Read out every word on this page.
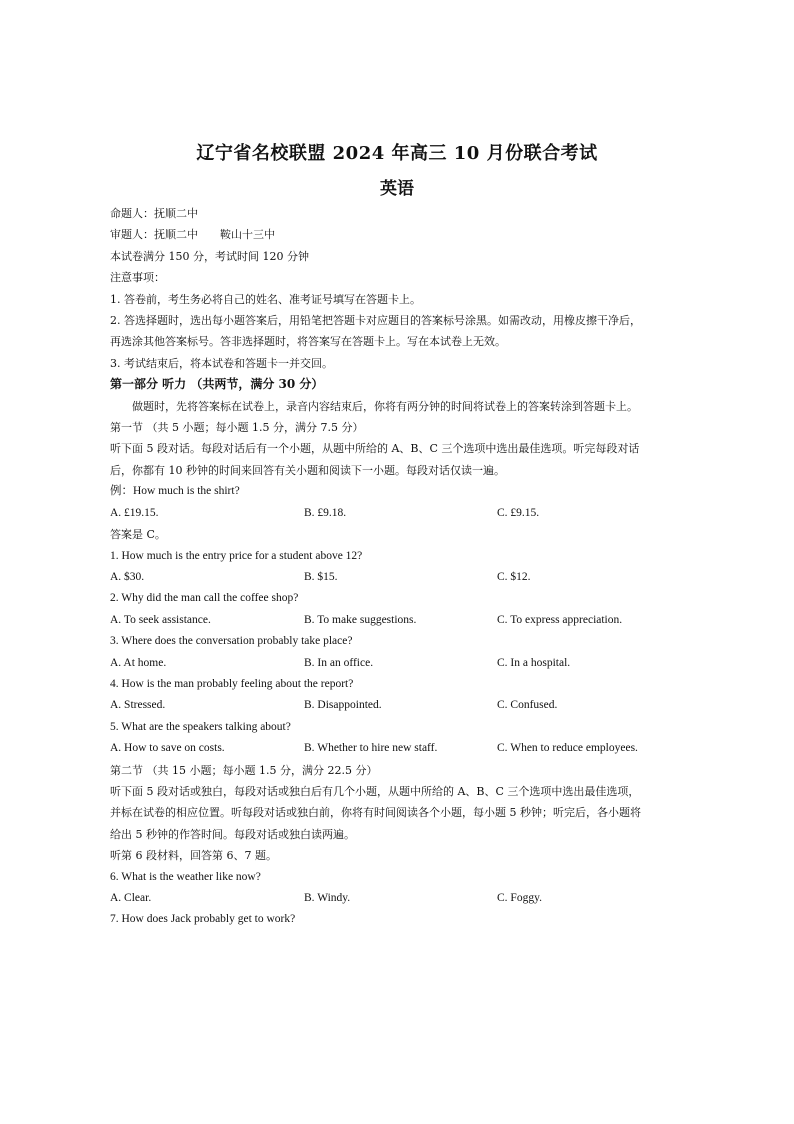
辽宁省名校联盟 2024 年高三 10 月份联合考试
英语
命题人：抚顺二中
审题人：抚顺二中 鞍山十三中
本试卷满分 150 分，考试时间 120 分钟
注意事项：
1. 答卷前，考生务必将自己的姓名、准考证号填写在答题卡上。
2. 答选择题时，选出每小题答案后，用铅笔把答题卡对应题目的答案标号涂黑。如需改动，用橡皮擦干净后，
再选涂其他答案标号。答非选择题时，将答案写在答题卡上。写在本试卷上无效。
3. 考试结束后，将本试卷和答题卡一并交回。
第一部分 听力 （共两节，满分 30 分）
做题时，先将答案标在试卷上，录音内容结束后，你将有两分钟的时间将试卷上的答案转涂到答题卡上。
第一节 （共 5 小题；每小题 1.5 分，满分 7.5 分）
听下面 5 段对话。每段对话后有一个小题，从题中所给的 A、B、C 三个选项中选出最佳选项。听完每段对话
后，你都有 10 秒钟的时间来回答有关小题和阅读下一小题。每段对话仅读一遍。
例：How much is the shirt?
A. £19.15.	B. £9.18.	C. £9.15.
答案是 C。
1. How much is the entry price for a student above 12?
A. $30.	B. $15.	C. $12.
2. Why did the man call the coffee shop?
A. To seek assistance.	B. To make suggestions.	C. To express appreciation.
3. Where does the conversation probably take place?
A. At home.	B. In an office.	C. In a hospital.
4. How is the man probably feeling about the report?
A. Stressed.	B. Disappointed.	C. Confused.
5. What are the speakers talking about?
A. How to save on costs.	B. Whether to hire new staff.	C. When to reduce employees.
第二节 （共 15 小题；每小题 1.5 分，满分 22.5 分）
听下面 5 段对话或独白，每段对话或独白后有几个小题，从题中所给的 A、B、C 三个选项中选出最佳选项，
并标在试卷的相应位置。听每段对话或独白前，你将有时间阅读各个小题，每小题 5 秒钟；听完后，各小题将
给出 5 秒钟的作答时间。每段对话或独白读两遍。
听第 6 段材料，回答第 6、7 题。
6. What is the weather like now?
A. Clear.	B. Windy.	C. Foggy.
7. How does Jack probably get to work?
